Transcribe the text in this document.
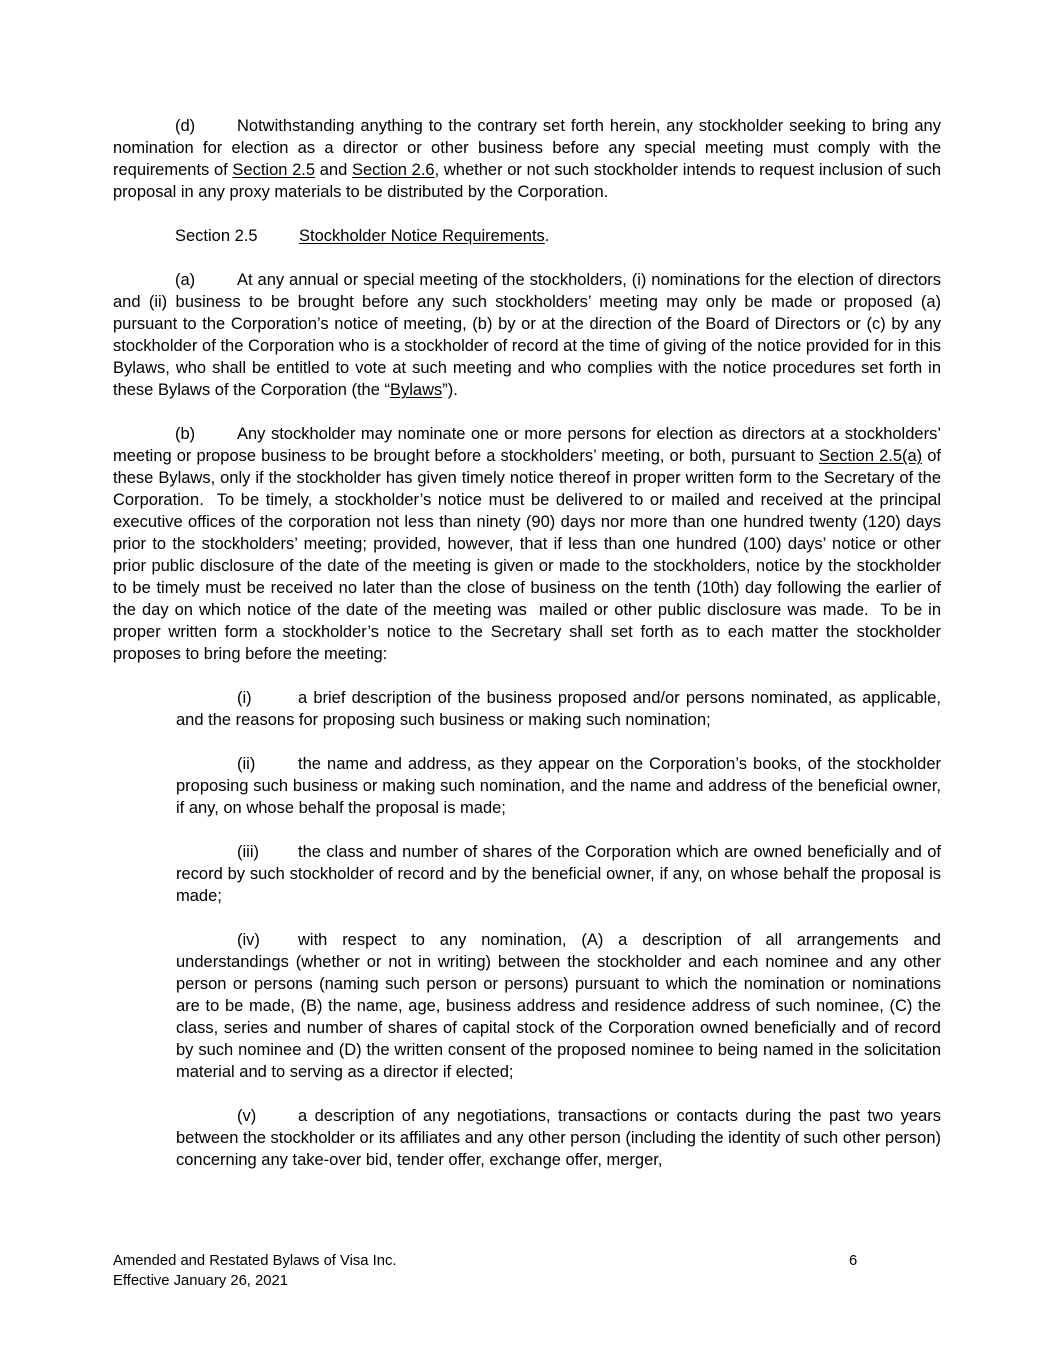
(d)	Notwithstanding anything to the contrary set forth herein, any stockholder seeking to bring any nomination for election as a director or other business before any special meeting must comply with the requirements of Section 2.5 and Section 2.6, whether or not such stockholder intends to request inclusion of such proposal in any proxy materials to be distributed by the Corporation.

Section 2.5	Stockholder Notice Requirements.

(a)	At any annual or special meeting of the stockholders, (i) nominations for the election of directors and (ii) business to be brought before any such stockholders’ meeting may only be made or proposed (a) pursuant to the Corporation’s notice of meeting, (b) by or at the direction of the Board of Directors or (c) by any stockholder of the Corporation who is a stockholder of record at the time of giving of the notice provided for in this Bylaws, who shall be entitled to vote at such meeting and who complies with the notice procedures set forth in these Bylaws of the Corporation (the “Bylaws”).

(b)	Any stockholder may nominate one or more persons for election as directors at a stockholders’ meeting or propose business to be brought before a stockholders’ meeting, or both, pursuant to Section 2.5(a) of these Bylaws, only if the stockholder has given timely notice thereof in proper written form to the Secretary of the Corporation.  To be timely, a stockholder’s notice must be delivered to or mailed and received at the principal executive offices of the corporation not less than ninety (90) days nor more than one hundred twenty (120) days prior to the stockholders’ meeting; provided, however, that if less than one hundred (100) days’ notice or other prior public disclosure of the date of the meeting is given or made to the stockholders, notice by the stockholder to be timely must be received no later than the close of business on the tenth (10th) day following the earlier of the day on which notice of the date of the meeting was  mailed or other public disclosure was made.  To be in proper written form a stockholder’s notice to the Secretary shall set forth as to each matter the stockholder proposes to bring before the meeting:

(i)	a brief description of the business proposed and/or persons nominated, as applicable, and the reasons for proposing such business or making such nomination;

(ii)	the name and address, as they appear on the Corporation’s books, of the stockholder proposing such business or making such nomination, and the name and address of the beneficial owner, if any, on whose behalf the proposal is made;

(iii) the class and number of shares of the Corporation which are owned beneficially and of record by such stockholder of record and by the beneficial owner, if any, on whose behalf the proposal is made;

(iv) with respect to any nomination, (A) a description of all arrangements and understandings (whether or not in writing) between the stockholder and each nominee and any other person or persons (naming such person or persons) pursuant to which the nomination or nominations are to be made, (B) the name, age, business address and residence address of such nominee, (C) the class, series and number of shares of capital stock of the Corporation owned beneficially and of record by such nominee and (D) the written consent of the proposed nominee to being named in the solicitation material and to serving as a director if elected;

(v)	a description of any negotiations, transactions or contacts during the past two years between the stockholder or its affiliates and any other person (including the identity of such other person) concerning any take-over bid, tender offer, exchange offer, merger,

Amended and Restated Bylaws of Visa Inc.
Effective January 26, 2021
6
